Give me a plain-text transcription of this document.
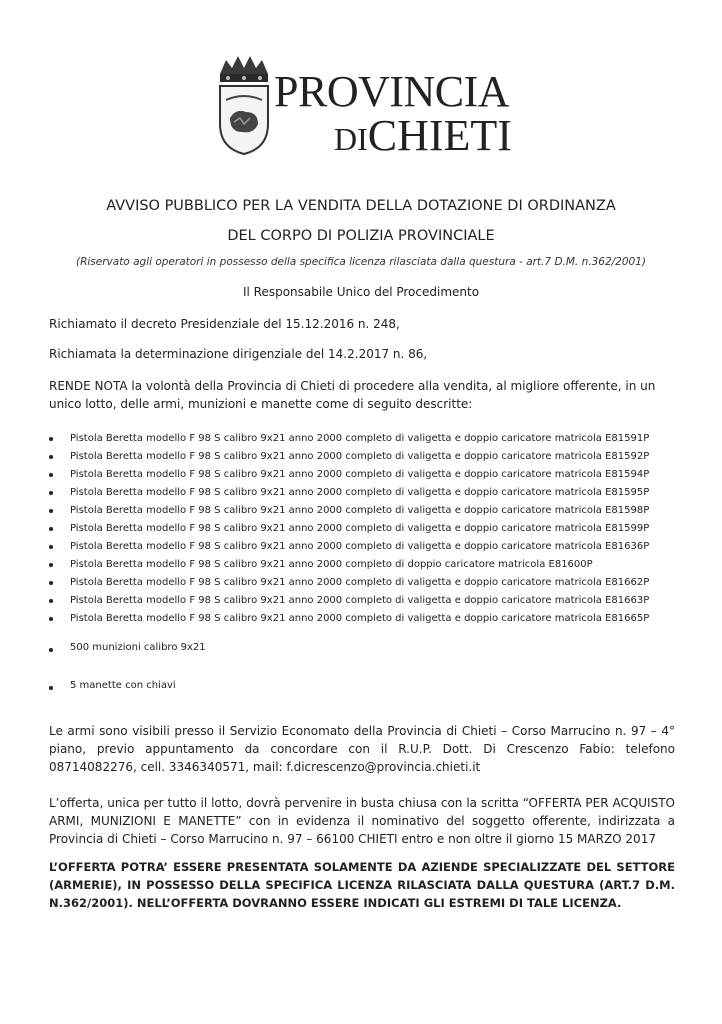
PROVINCIA
DICHIETI
AVVISO PUBBLICO PER LA VENDITA DELLA DOTAZIONE DI ORDINANZA
DEL CORPO DI POLIZIA PROVINCIALE
(Riservato agli operatori in possesso della specifica licenza rilasciata dalla questura - art.7 D.M. n.362/2001)
Il Responsabile Unico del Procedimento
Richiamato il decreto Presidenziale del 15.12.2016 n. 248,
Richiamata la determinazione dirigenziale del 14.2.2017 n. 86,
RENDE NOTA la volontà della Provincia di Chieti di procedere alla vendita, al migliore offerente, in un unico lotto, delle armi, munizioni e manette come di seguito descritte:
Pistola Beretta modello F 98 S calibro 9x21 anno 2000 completo di valigetta e doppio caricatore matricola E81591P
Pistola Beretta modello F 98 S calibro 9x21 anno 2000 completo di valigetta e doppio caricatore matricola E81592P
Pistola Beretta modello F 98 S calibro 9x21 anno 2000 completo di valigetta e doppio caricatore matricola E81594P
Pistola Beretta modello F 98 S calibro 9x21 anno 2000 completo di valigetta e doppio caricatore matricola E81595P
Pistola Beretta modello F 98 S calibro 9x21 anno 2000 completo di valigetta e doppio caricatore matricola E81598P
Pistola Beretta modello F 98 S calibro 9x21 anno 2000 completo di valigetta e doppio caricatore matricola E81599P
Pistola Beretta modello F 98 S calibro 9x21 anno 2000 completo di valigetta e doppio caricatore matricola E81636P
Pistola Beretta modello F 98 S calibro 9x21 anno 2000 completo di doppio caricatore matricola E81600P
Pistola Beretta modello F 98 S calibro 9x21 anno 2000 completo di valigetta e doppio caricatore matricola E81662P
Pistola Beretta modello F 98 S calibro 9x21 anno 2000 completo di valigetta e doppio caricatore matricola E81663P
Pistola Beretta modello F 98 S calibro 9x21 anno 2000 completo di valigetta e doppio caricatore matricola E81665P
500 munizioni calibro 9x21
5 manette con chiavi
Le armi sono visibili presso il Servizio Economato della Provincia di Chieti – Corso Marrucino n. 97 – 4° piano, previo appuntamento da concordare con il R.U.P. Dott. Di Crescenzo Fabio: telefono 08714082276, cell. 3346340571, mail: f.dicrescenzo@provincia.chieti.it
L’offerta, unica per tutto il lotto, dovrà pervenire in busta chiusa con la scritta “OFFERTA PER ACQUISTO ARMI, MUNIZIONI E MANETTE” con in evidenza il nominativo del soggetto offerente, indirizzata a Provincia di Chieti – Corso Marrucino n. 97 – 66100 CHIETI entro e non oltre il giorno 15 MARZO 2017
L’OFFERTA POTRA’ ESSERE PRESENTATA SOLAMENTE DA AZIENDE SPECIALIZZATE DEL SETTORE (ARMERIE), IN POSSESSO DELLA SPECIFICA LICENZA RILASCIATA DALLA QUESTURA (ART.7 D.M. N.362/2001). NELL’OFFERTA DOVRANNO ESSERE INDICATI GLI ESTREMI DI TALE LICENZA.
